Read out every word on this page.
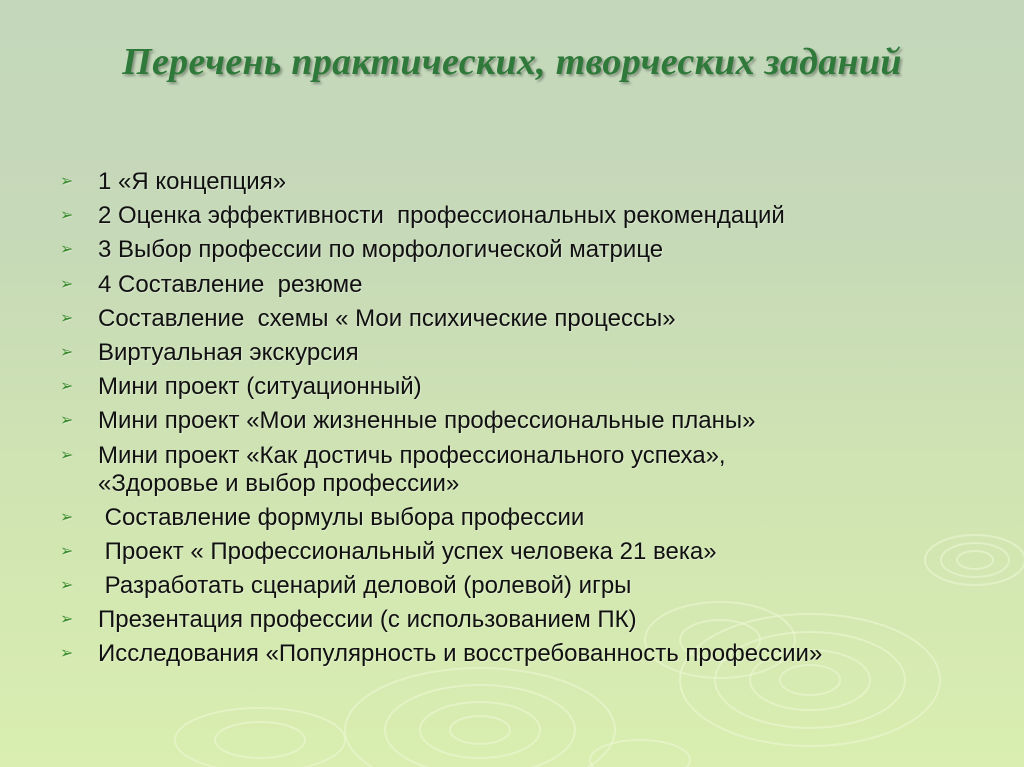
Перечень практических, творческих заданий
➢	1 «Я концепция»
➢	2 Оценка эффективности  профессиональных рекомендаций
➢	3 Выбор профессии по морфологической матрице
➢	4 Составление  резюме
➢	Составление  схемы « Мои психические процессы»
➢	Виртуальная экскурсия
➢	Мини проект (ситуационный)
➢	Мини проект «Мои жизненные профессиональные планы»
➢	Мини проект «Как достичь профессионального успеха»,
«Здоровье и выбор профессии»
➢	Составление формулы выбора профессии
➢	Проект « Профессиональный успех человека 21 века»
➢	Разработать сценарий деловой (ролевой) игры
➢	Презентация профессии (с использованием ПК)
➢	Исследования «Популярность и восстребованность профессии»
